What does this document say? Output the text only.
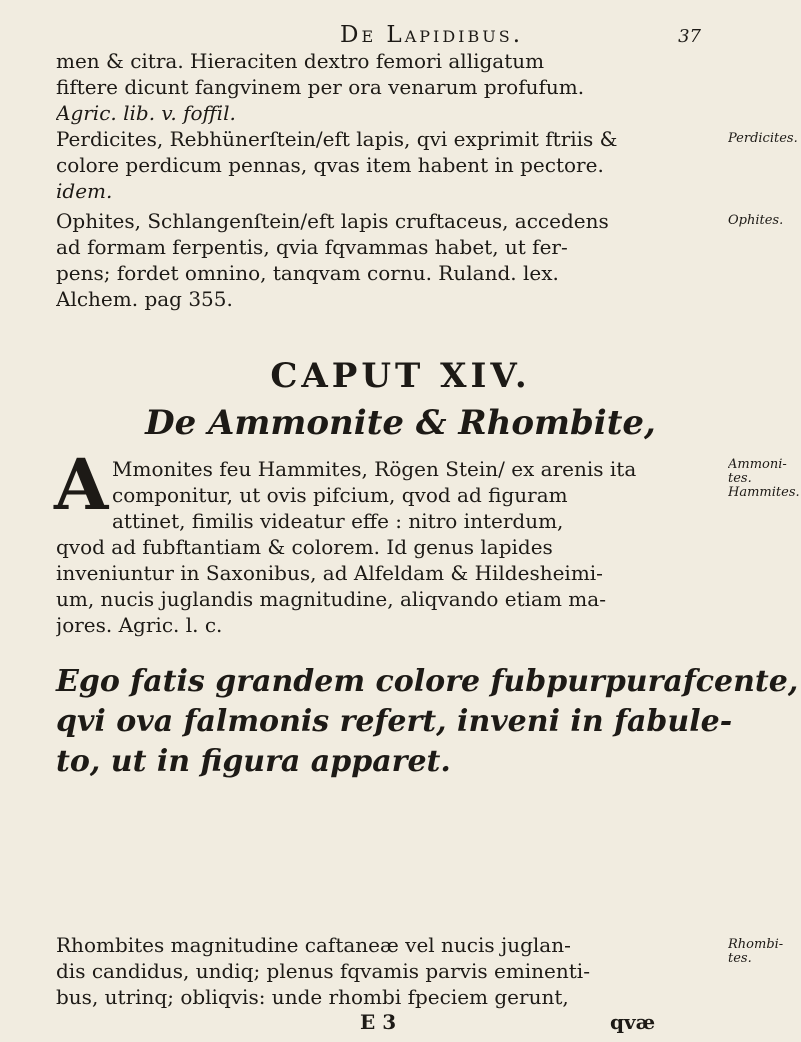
De Lapidibus.	37
men & citra. Hieraciten dextro femori alligatum
fiftere dicunt fangvinem per ora venarum profufum.
Agric. lib. v. foffil.
Perdicites, Rebhünerſtein/eft lapis, qvi exprimit ftriis &
colore perdicum pennas, qvas item habent in pectore.
idem.
Ophites, Schlangenſtein/eft lapis cruftaceus, accedens
ad formam ferpentis, qvia fqvammas habet, ut fer-
pens; fordet omnino, tanqvam cornu. Ruland. lex.
Alchem. pag 355.
Perdicites.
Ophites.
CAPUT XIV.
De Ammonite & Rhombite,
A Mmonites feu Hammites, Rögen Stein/ ex arenis ita
componitur, ut ovis pifcium, qvod ad figuram
attinet, fimilis videatur effe : nitro interdum,
qvod ad fubftantiam & colorem. Id genus lapides
inveniuntur in Saxonibus, ad Alfeldam & Hildesheimi-
um, nucis juglandis magnitudine, aliqvando etiam ma-
jores. Agric. l. c.
Ammoni-
tes.
Hammites.
Ego fatis grandem colore fubpurpurafcente,
qvi ova falmonis refert, inveni in fabule-
to, ut in figura apparet.
Rhombites magnitudine caftaneæ vel nucis juglan-
dis candidus, undiq; plenus fqvamis parvis eminenti-
bus, utrinq; obliqvis: unde rhombi fpeciem gerunt,
Rhombi-
tes.
E 3	qvæ
